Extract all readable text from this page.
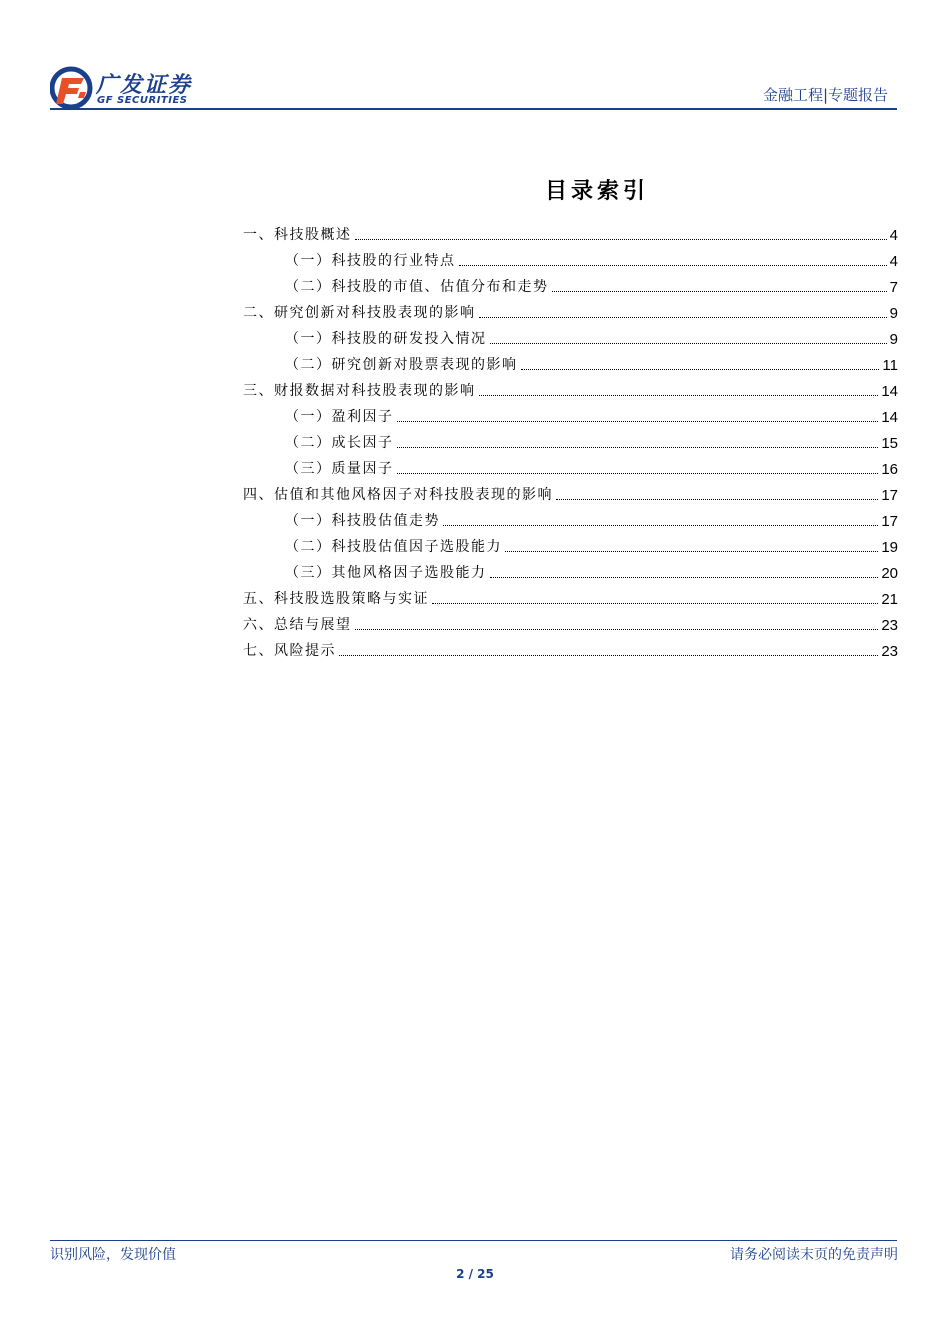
广发证券
GF SECURITIES	金融工程|专题报告
目录索引
一、科技股概述	4
（一）科技股的行业特点	4
（二）科技股的市值、估值分布和走势	7
二、研究创新对科技股表现的影响	9
（一）科技股的研发投入情况	9
（二）研究创新对股票表现的影响	11
三、财报数据对科技股表现的影响	14
（一）盈利因子	14
（二）成长因子	15
（三）质量因子	16
四、估值和其他风格因子对科技股表现的影响	17
（一）科技股估值走势	17
（二）科技股估值因子选股能力	19
（三）其他风格因子选股能力	20
五、科技股选股策略与实证	21
六、总结与展望	23
七、风险提示	23
识别风险，发现价值	请务必阅读末页的免责声明
2 / 25
